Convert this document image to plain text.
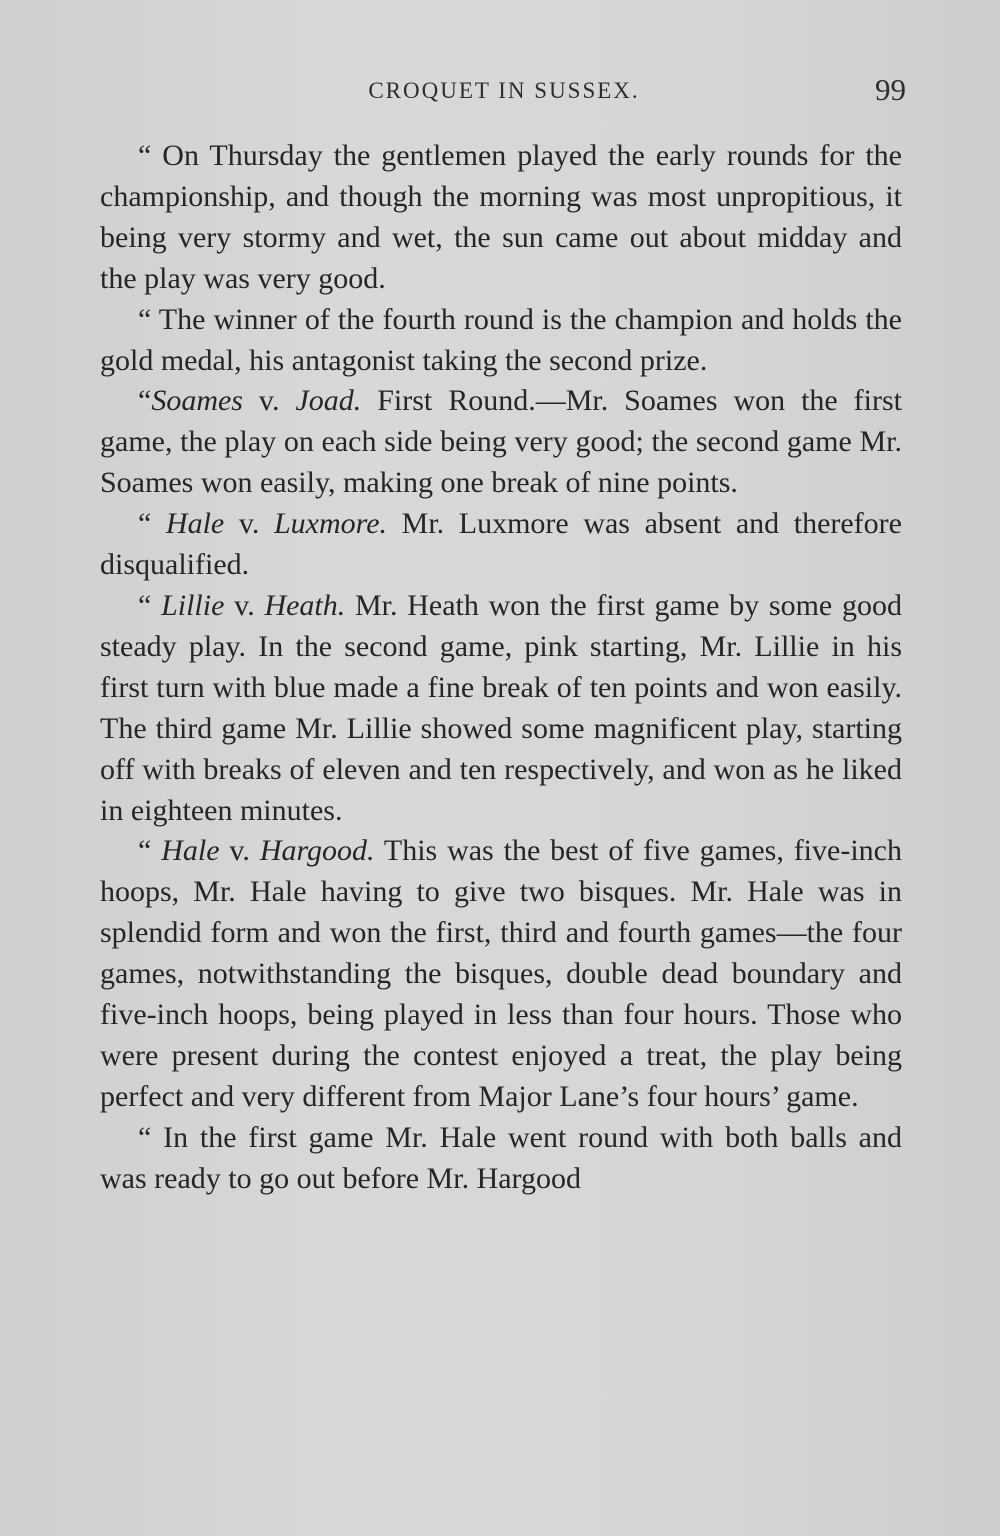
CROQUET IN SUSSEX.	99

“ On Thursday the gentlemen played the early rounds for the championship, and though the morning was most unpropitious, it being very stormy and wet, the sun came out about midday and the play was very good.

“ The winner of the fourth round is the champion and holds the gold medal, his antagonist taking the second prize.

“Soames v. Joad. First Round.—Mr. Soames won the first game, the play on each side being very good; the second game Mr. Soames won easily, making one break of nine points.

“ Hale v. Luxmore. Mr. Luxmore was absent and therefore disqualified.

“ Lillie v. Heath. Mr. Heath won the first game by some good steady play. In the second game, pink starting, Mr. Lillie in his first turn with blue made a fine break of ten points and won easily. The third game Mr. Lillie showed some magnificent play, starting off with breaks of eleven and ten respectively, and won as he liked in eighteen minutes.

“ Hale v. Hargood. This was the best of five games, five-inch hoops, Mr. Hale having to give two bisques. Mr. Hale was in splendid form and won the first, third and fourth games—the four games, notwithstanding the bisques, double dead boundary and five-inch hoops, being played in less than four hours. Those who were present during the contest enjoyed a treat, the play being perfect and very different from Major Lane’s four hours’ game.

“ In the first game Mr. Hale went round with both balls and was ready to go out before Mr. Hargood
